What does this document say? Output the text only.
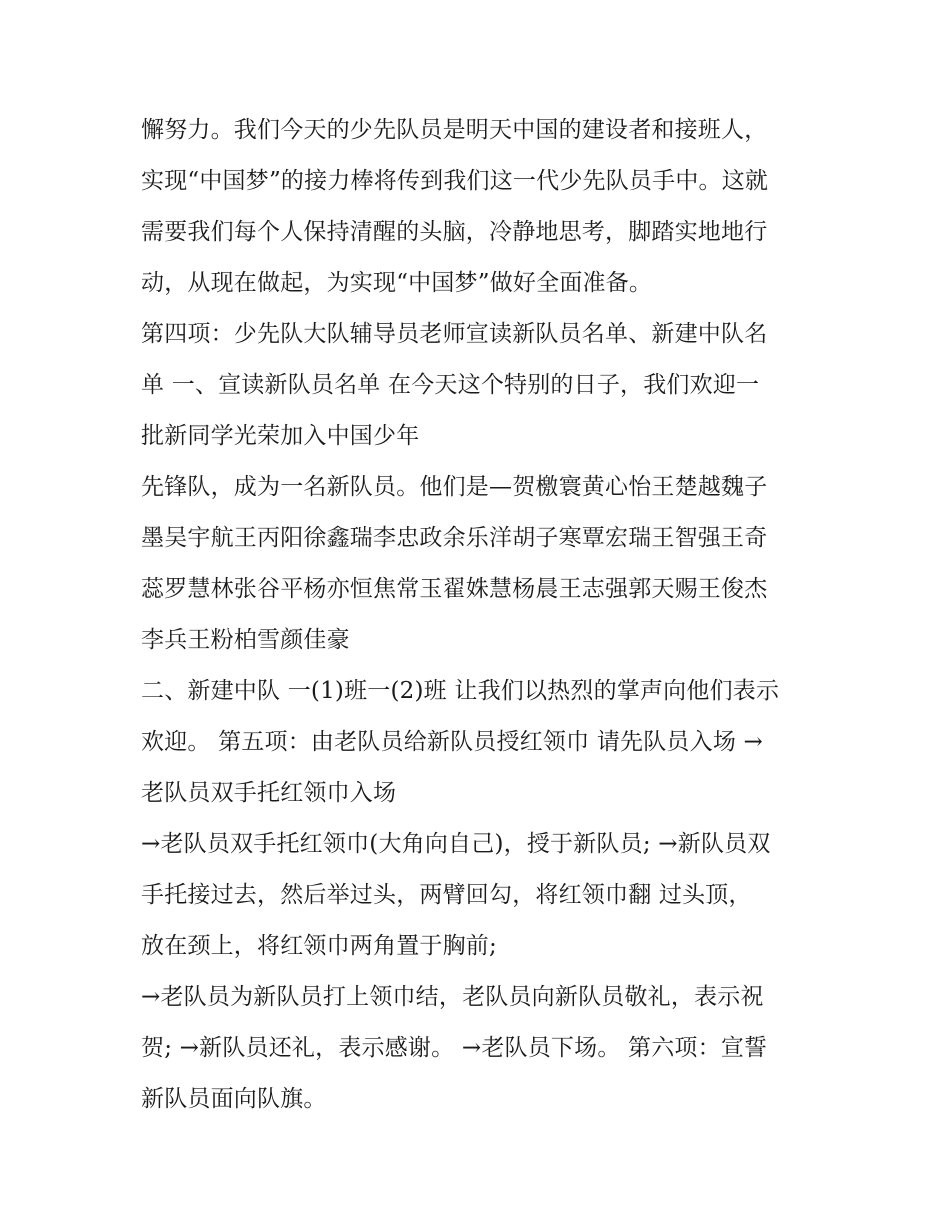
懈努力。我们今天的少先队员是明天中国的建设者和接班人，
实现“中国梦”的接力棒将传到我们这一代少先队员手中。这就
需要我们每个人保持清醒的头脑，冷静地思考，脚踏实地地行
动，从现在做起，为实现“中国梦”做好全面准备。
第四项：少先队大队辅导员老师宣读新队员名单、新建中队名
单 一、宣读新队员名单 在今天这个特别的日子，我们欢迎一
批新同学光荣加入中国少年
先锋队，成为一名新队员。他们是—贺檄寰黄心怡王楚越魏子
墨吴宇航王丙阳徐鑫瑞李忠政余乐洋胡子寒覃宏瑞王智强王奇
蕊罗慧林张谷平杨亦恒焦常玉翟姝慧杨晨王志强郭天赐王俊杰
李兵王粉柏雪颜佳豪
二、新建中队 一(1)班一(2)班 让我们以热烈的掌声向他们表示
欢迎。 第五项：由老队员给新队员授红领巾 请先队员入场 →
老队员双手托红领巾入场
→老队员双手托红领巾(大角向自己)，授于新队员; →新队员双
手托接过去，然后举过头，两臂回勾，将红领巾翻 过头顶，
放在颈上，将红领巾两角置于胸前;
→老队员为新队员打上领巾结，老队员向新队员敬礼，表示祝
贺; →新队员还礼，表示感谢。 →老队员下场。 第六项：宣誓
新队员面向队旗。
